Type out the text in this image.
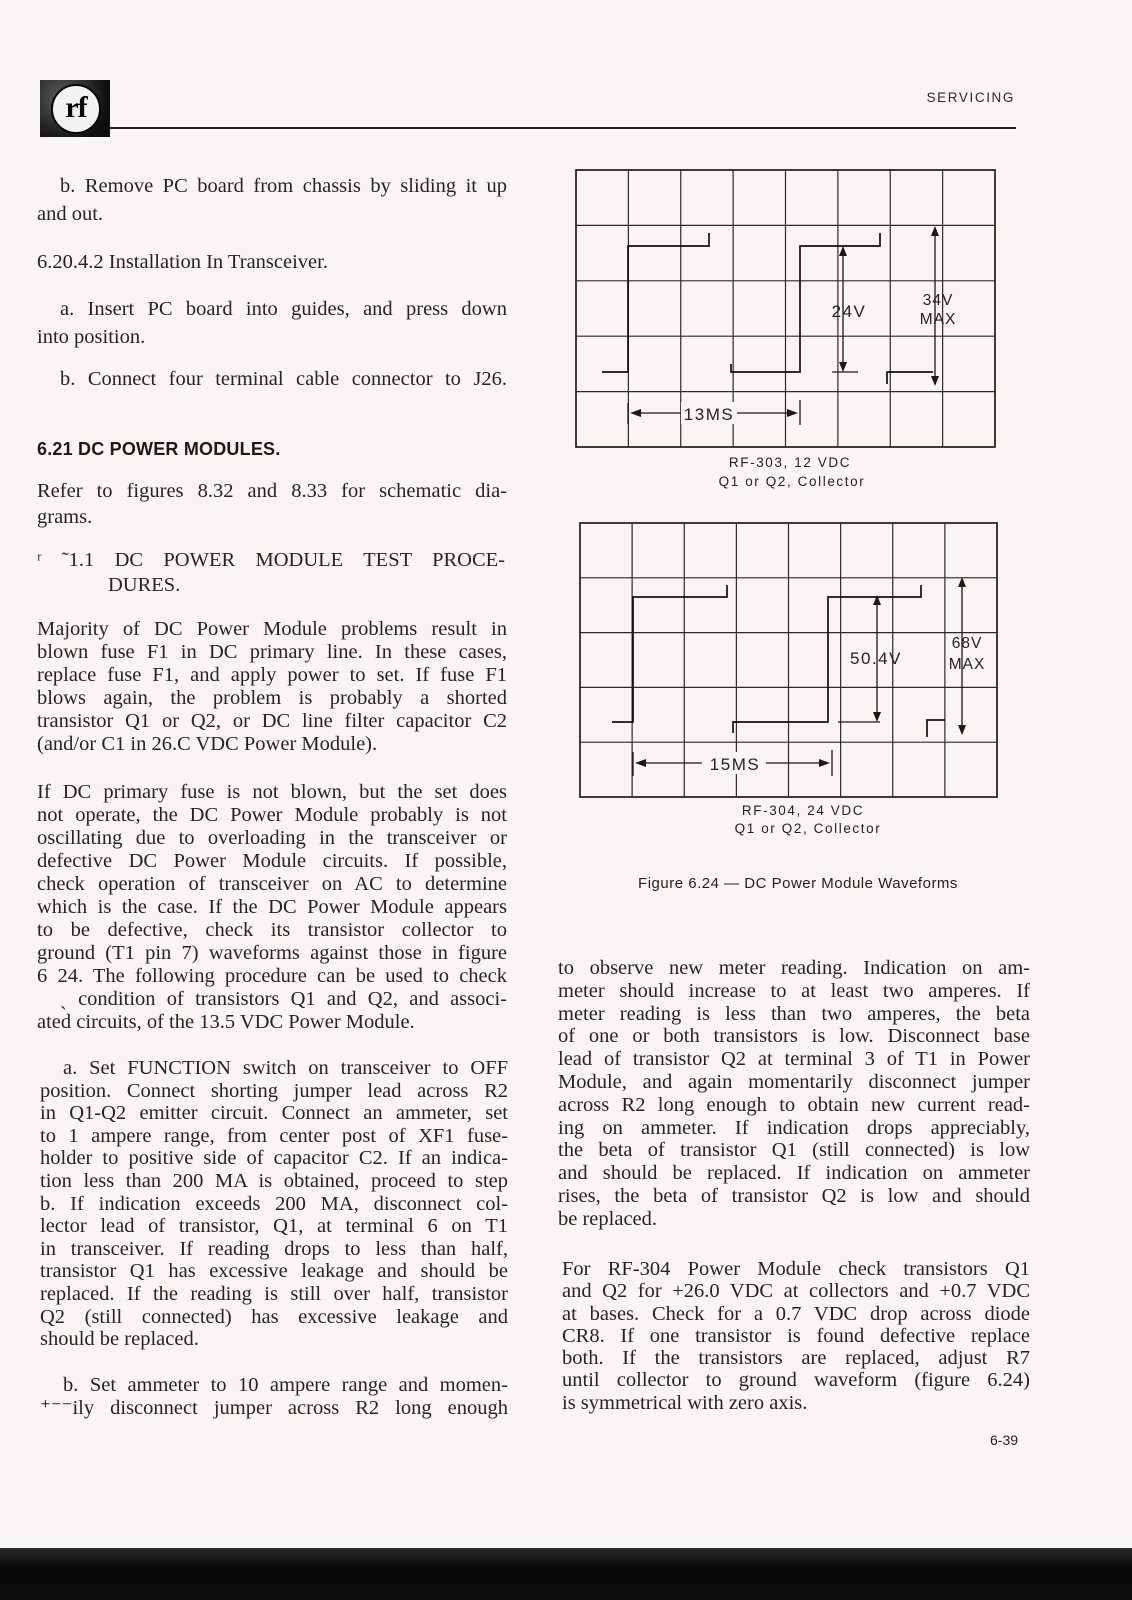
rf	SERVICING
b. Remove PC board from chassis by sliding it up
and out.
6.20.4.2 Installation In Transceiver.
a. Insert PC board into guides, and press down
into position.
b. Connect four terminal cable connector to J26.
6.21 DC POWER MODULES.
Refer to figures 8.32 and 8.33 for schematic dia-
grams.
ʳ ˜1.1 DC POWER MODULE TEST PROCE-
DURES.
Majority of DC Power Module problems result in
blown fuse F1 in DC primary line. In these cases,
replace fuse F1, and apply power to set. If fuse F1
blows again, the problem is probably a shorted
transistor Q1 or Q2, or DC line filter capacitor C2
(and/or C1 in 26.C VDC Power Module).
If DC primary fuse is not blown, but the set does
not operate, the DC Power Module probably is not
oscillating due to overloading in the transceiver or
defective DC Power Module circuits. If possible,
check operation of transceiver on AC to determine
which is the case. If the DC Power Module appears
to be defective, check its transistor collector to
ground (T1 pin 7) waveforms against those in figure
6 24. The following procedure can be used to check
ˏ condition of transistors Q1 and Q2, and associ-
ated circuits, of the 13.5 VDC Power Module.
a. Set FUNCTION switch on transceiver to OFF
position. Connect shorting jumper lead across R2
in Q1-Q2 emitter circuit. Connect an ammeter, set
to 1 ampere range, from center post of XF1 fuse-
holder to positive side of capacitor C2. If an indica-
tion less than 200 MA is obtained, proceed to step
b. If indication exceeds 200 MA, disconnect col-
lector lead of transistor, Q1, at terminal 6 on T1
in transceiver. If reading drops to less than half,
transistor Q1 has excessive leakage and should be
replaced. If the reading is still over half, transistor
Q2 (still connected) has excessive leakage and
should be replaced.
b. Set ammeter to 10 ampere range and momen-
⁺⁻⁻ily disconnect jumper across R2 long enough
24V
34V
MAX
13MS
50.4V
68V
MAX
15MS
RF-303, 12 VDC
Q1 or Q2, Collector
RF-304, 24 VDC
Q1 or Q2, Collector
Figure 6.24 — DC Power Module Waveforms
to observe new meter reading. Indication on am-
meter should increase to at least two amperes. If
meter reading is less than two amperes, the beta
of one or both transistors is low. Disconnect base
lead of transistor Q2 at terminal 3 of T1 in Power
Module, and again momentarily disconnect jumper
across R2 long enough to obtain new current read-
ing on ammeter. If indication drops appreciably,
the beta of transistor Q1 (still connected) is low
and should be replaced. If indication on ammeter
rises, the beta of transistor Q2 is low and should
be replaced.
For RF-304 Power Module check transistors Q1
and Q2 for +26.0 VDC at collectors and +0.7 VDC
at bases. Check for a 0.7 VDC drop across diode
CR8. If one transistor is found defective replace
both. If the transistors are replaced, adjust R7
until collector to ground waveform (figure 6.24)
is symmetrical with zero axis.
6-39
